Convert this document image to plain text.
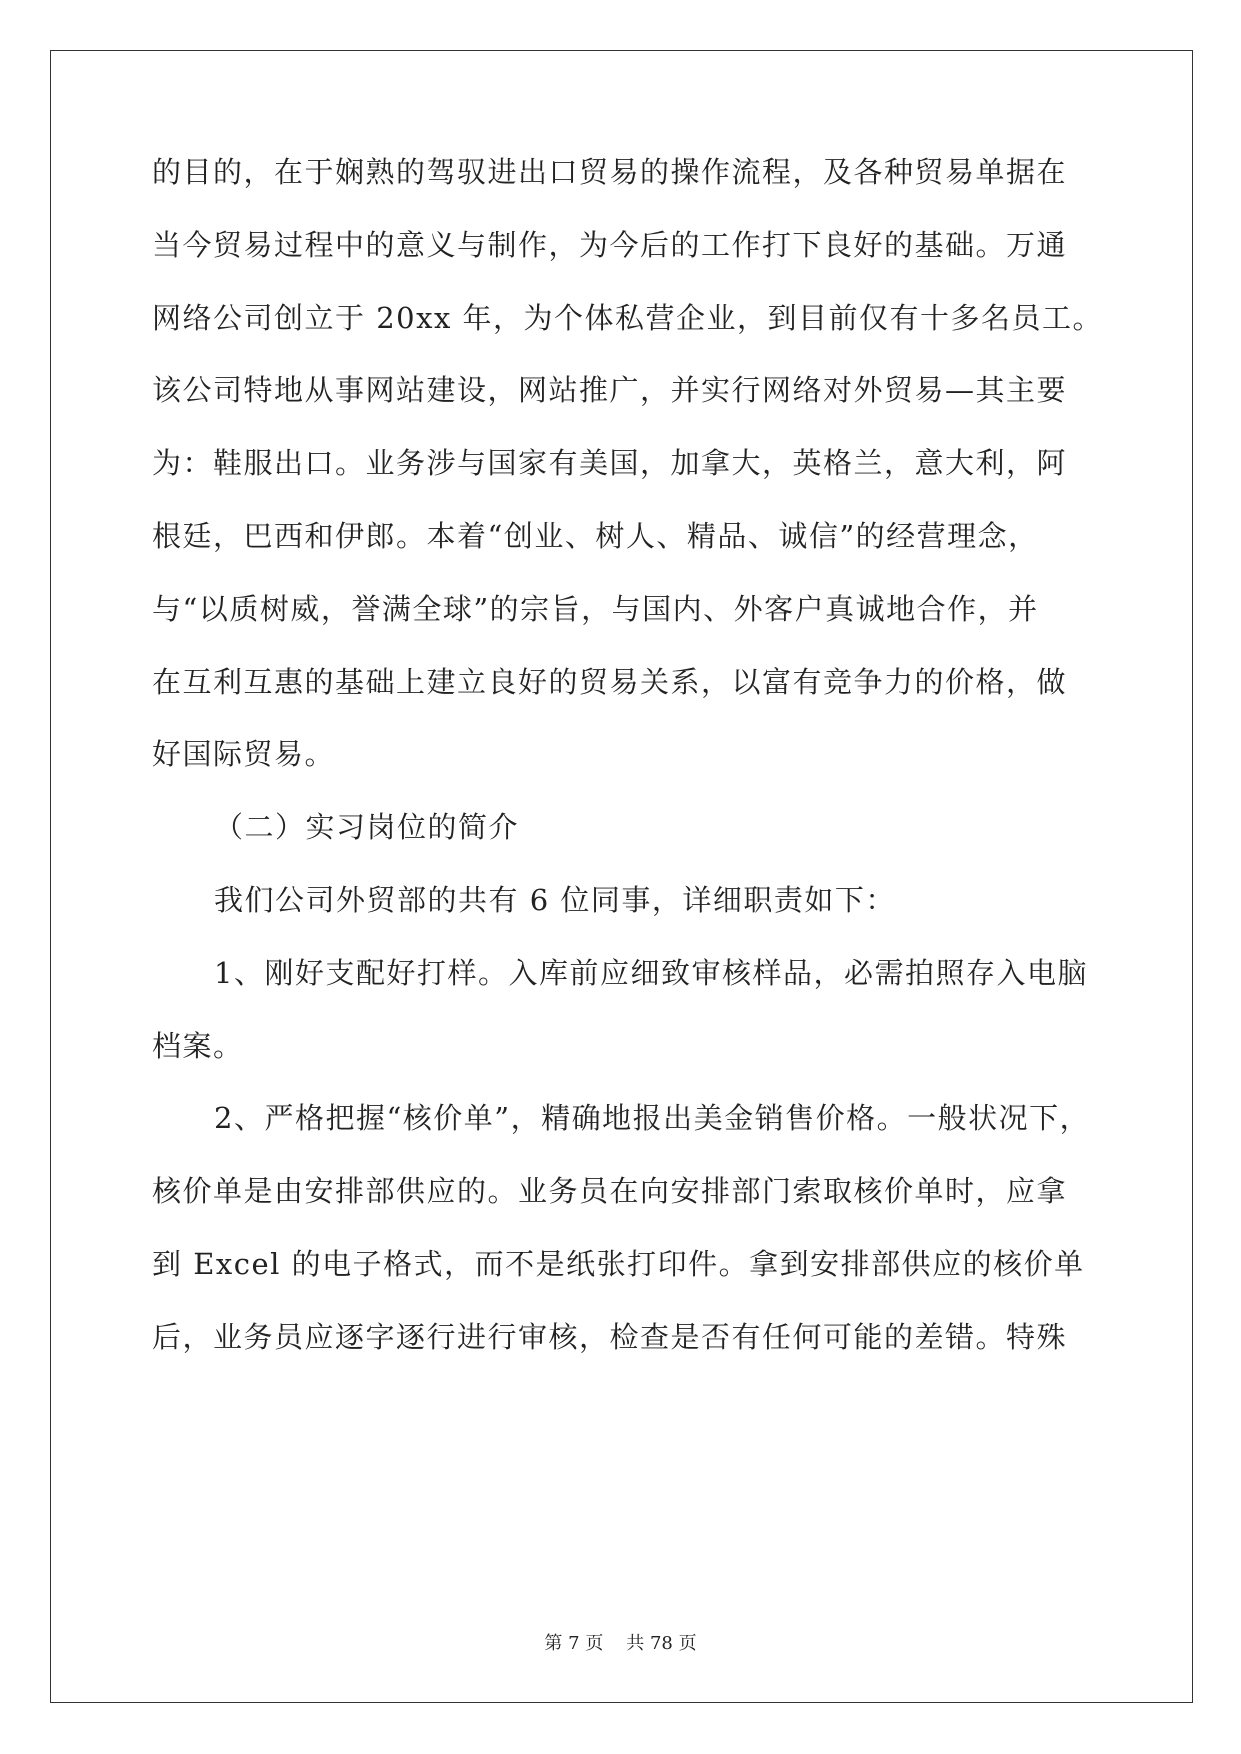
的目的，在于娴熟的驾驭进出口贸易的操作流程，及各种贸易单据在
当今贸易过程中的意义与制作，为今后的工作打下良好的基础。万通
网络公司创立于 20xx 年，为个体私营企业，到目前仅有十多名员工。
该公司特地从事网站建设，网站推广，并实行网络对外贸易—其主要
为：鞋服出口。业务涉与国家有美国，加拿大，英格兰，意大利，阿
根廷，巴西和伊郎。本着“创业、树人、精品、诚信”的经营理念，
与“以质树威，誉满全球”的宗旨，与国内、外客户真诚地合作，并
在互利互惠的基础上建立良好的贸易关系，以富有竞争力的价格，做
好国际贸易。
（二）实习岗位的简介
我们公司外贸部的共有 6 位同事，详细职责如下：
1、刚好支配好打样。入库前应细致审核样品，必需拍照存入电脑
档案。
2、严格把握“核价单”，精确地报出美金销售价格。一般状况下，
核价单是由安排部供应的。业务员在向安排部门索取核价单时，应拿
到 Excel 的电子格式，而不是纸张打印件。拿到安排部供应的核价单
后，业务员应逐字逐行进行审核，检查是否有任何可能的差错。特殊
第 7 页 共 78 页
